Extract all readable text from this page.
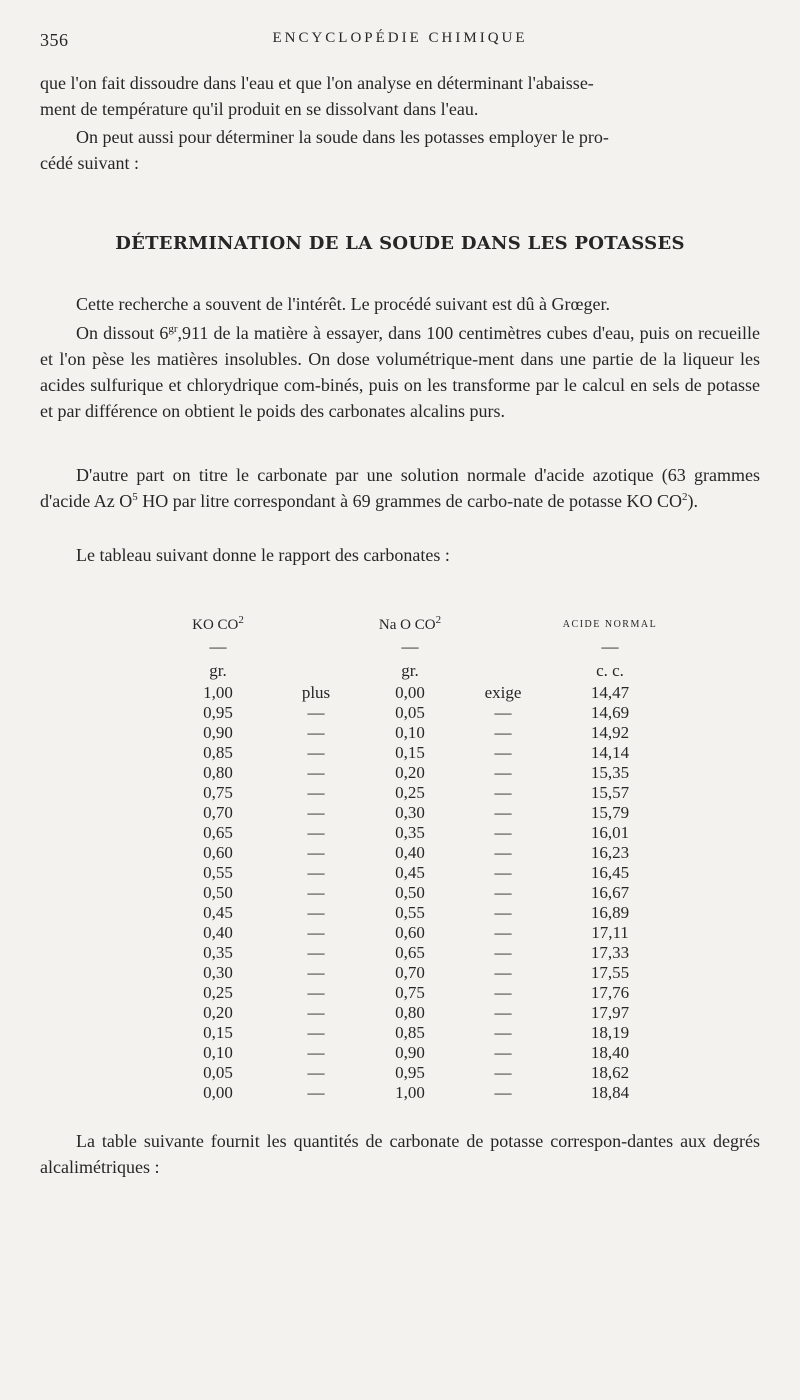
356	ENCYCLOPÉDIE CHIMIQUE

que l'on fait dissoudre dans l'eau et que l'on analyse en déterminant l'abaisse-
ment de température qu'il produit en se dissolvant dans l'eau.

On peut aussi pour déterminer la soude dans les potasses employer le pro-
cédé suivant :

DÉTERMINATION DE LA SOUDE DANS LES POTASSES

Cette recherche a souvent de l'intérêt. Le procédé suivant est dû à Grœger.

On dissout $6^{gr},911$ de la matière à essayer, dans 100 centimètres cubes d'eau, puis on recueille et l'on pèse les matières insolubles. On dose volumétrique-ment dans une partie de la liqueur les acides sulfurique et chlorydrique com-binés, puis on les transforme par le calcul en sels de potasse et par différence on obtient le poids des carbonates alcalins purs.

D'autre part on titre le carbonate par une solution normale d'acide azotique (63 grammes d'acide Az $O^5$ HO par litre correspondant à 69 grammes de carbo-nate de potasse KO $CO^2$).

Le tableau suivant donne le rapport des carbonates :

KO $CO^2$	Na O $CO^2$	ACIDE NORMAL
—	—	—
gr.	gr.	c. c.
1,00	plus	0,00	exige	14,47
0,95	—	0,05	—	14,69
0,90	—	0,10	—	14,92
0,85	—	0,15	—	14,14
0,80	—	0,20	—	15,35
0,75	—	0,25	—	15,57
0,70	—	0,30	—	15,79
0,65	—	0,35	—	16,01
0,60	—	0,40	—	16,23
0,55	—	0,45	—	16,45
0,50	—	0,50	—	16,67
0,45	—	0,55	—	16,89
0,40	—	0,60	—	17,11
0,35	—	0,65	—	17,33
0,30	—	0,70	—	17,55
0,25	—	0,75	—	17,76
0,20	—	0,80	—	17,97
0,15	—	0,85	—	18,19
0,10	—	0,90	—	18,40
0,05	—	0,95	—	18,62
0,00	—	1,00	—	18,84

La table suivante fournit les quantités de carbonate de potasse correspon-dantes aux degrés alcalimétriques :
